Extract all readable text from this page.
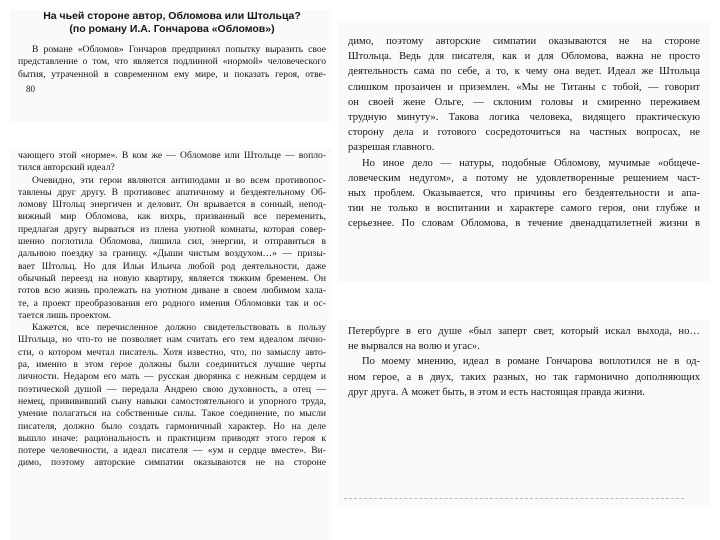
На чьей стороне автор, Обломова или Штольца?
(по роману И.А. Гончарова «Обломов»)
В романе «Обломов» Гончаров предпринял попытку выразить свое
представление о том, что является подлинной «нормой» человеческого
бытия, утраченной в современном ему мире, и показать героя, отве-
80
чающего этой «норме». В ком же — Обломове или Штольце — вопло-
тился авторский идеал?
Очевидно, эти герои являются антиподами и во всем противопос-
тавлены друг другу. В противовес апатичному и бездеятельному Об-
ломову Штольц энергичен и деловит. Он врывается в сонный, непод-
вижный мир Обломова, как вихрь, призванный все переменить,
предлагая другу вырваться из плена уютной комнаты, которая совер-
шенно поглотила Обломова, лишила сил, энергии, и отправиться в
дальнюю поездку за границу. «Дыши чистым воздухом…» — призы-
вает Штольц. Но для Ильи Ильича любой род деятельности, даже
обычный переезд на новую квартиру, является тяжким бременем. Он
готов всю жизнь пролежать на уютном диване в своем любимом хала-
те, а проект преобразования его родного имения Обломовки так и ос-
тается лишь проектом.
Кажется, все перечисленное должно свидетельствовать в пользу
Штольца, но что-то не позволяет нам считать его тем идеалом лично-
сти, о котором мечтал писатель. Хотя известно, что, по замыслу авто-
ра, именно в этом герое должны были соединиться лучшие черты
личности. Недаром его мать — русская дворянка с нежным сердцем и
поэтической душой — передала Андрею свою духовность, а отец —
немец, привививший сыну навыки самостоятельного и упорного труда,
умение полагаться на собственные силы. Такое соединение, по мысли
писателя, должно было создать гармоничный характер. Но на деле
вышло иначе: рациональность и практицизм приводят этого героя к
потере человечности, а идеал писателя — «ум и сердце вместе». Ви-
димо, поэтому авторские симпатии оказываются не на стороне
димо, поэтому авторские симпатии оказываются не на стороне
Штольца. Ведь для писателя, как и для Обломова, важна не просто
деятельность сама по себе, а то, к чему она ведет. Идеал же Штольца
слишком прозаичен и приземлен. «Мы не Титаны с тобой, — говорит
он своей жене Ольге, — склоним головы и смиренно переживем
трудную минуту». Такова логика человека, видящего практическую
сторону дела и готового сосредоточиться на частных вопросах, не
разрешая главного.
Но иное дело — натуры, подобные Обломову, мучимые «общече-
ловеческим недугом», а потому не удовлетворенные решением част-
ных проблем. Оказывается, что причины его бездеятельности и апа-
тии не только в воспитании и характере самого героя, они глубже и
серьезнее. По словам Обломова, в течение двенадцатилетней жизни в
Петербурге в его душе «был заперт свет, который искал выхода, но…
не вырвался на волю и угас».
По моему мнению, идеал в романе Гончарова воплотился не в од-
ном герое, а в двух, таких разных, но так гармонично дополняющих
друг друга. А может быть, в этом и есть настоящая правда жизни.
